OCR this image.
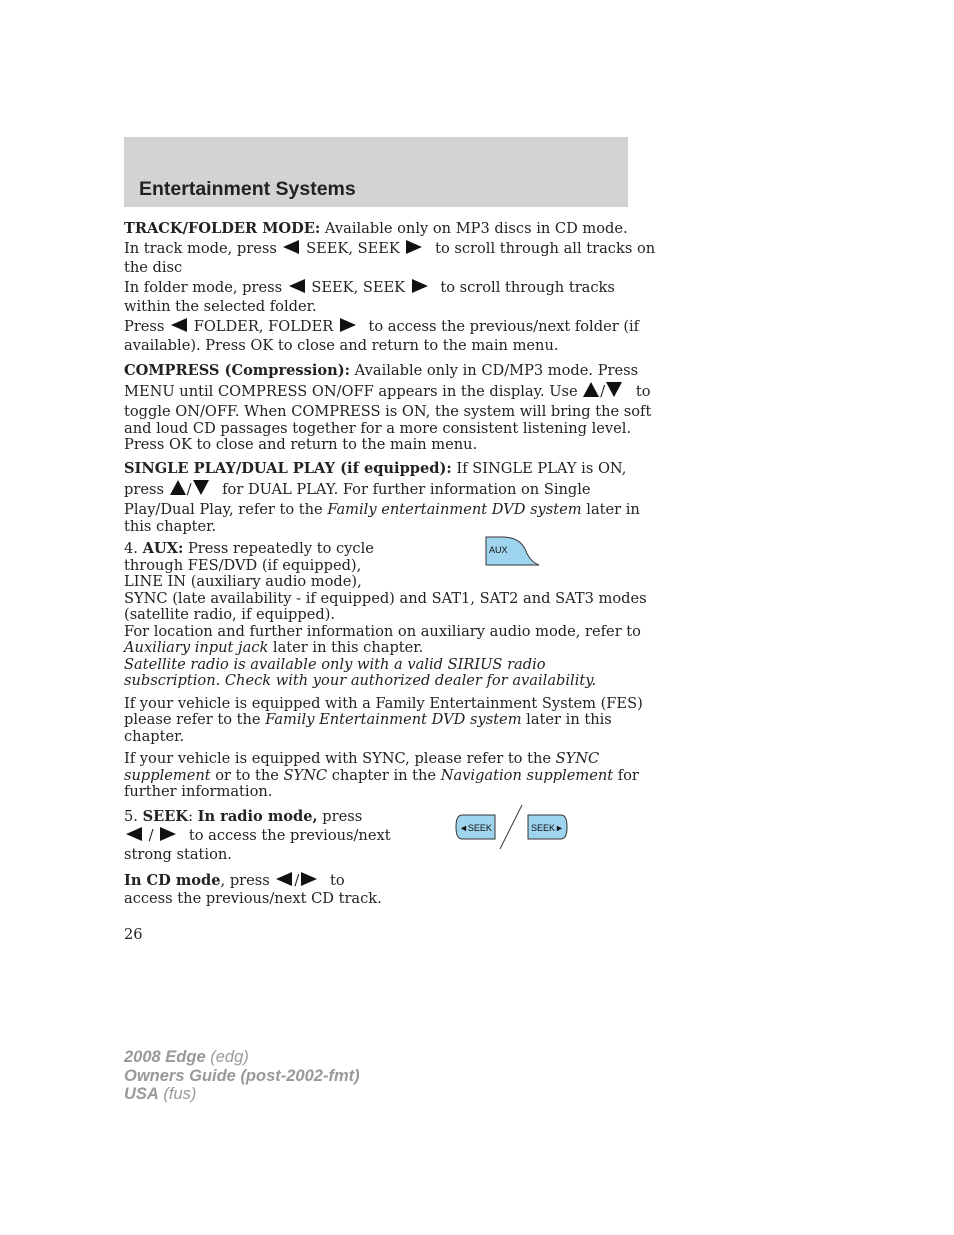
Entertainment Systems
TRACK/FOLDER MODE: Available only on MP3 discs in CD mode.
In track mode, press SEEK, SEEK to scroll through all tracks on
the disc
In folder mode, press SEEK, SEEK to scroll through tracks
within the selected folder.
Press FOLDER, FOLDER to access the previous/next folder (if
available). Press OK to close and return to the main menu.
COMPRESS (Compression): Available only in CD/MP3 mode. Press
MENU until COMPRESS ON/OFF appears in the display. Use / to
toggle ON/OFF. When COMPRESS is ON, the system will bring the soft
and loud CD passages together for a more consistent listening level.
Press OK to close and return to the main menu.
SINGLE PLAY/DUAL PLAY (if equipped): If SINGLE PLAY is ON,
press / for DUAL PLAY. For further information on Single
Play/Dual Play, refer to the Family entertainment DVD system later in
this chapter.
4. AUX: Press repeatedly to cycle
through FES/DVD (if equipped),
LINE IN (auxiliary audio mode),
SYNC (late availability - if equipped) and SAT1, SAT2 and SAT3 modes
(satellite radio, if equipped).
For location and further information on auxiliary audio mode, refer to
Auxiliary input jack later in this chapter.
Satellite radio is available only with a valid SIRIUS radio
subscription. Check with your authorized dealer for availability.
If your vehicle is equipped with a Family Entertainment System (FES)
please refer to the Family Entertainment DVD system later in this
chapter.
If your vehicle is equipped with SYNC, please refer to the SYNC
supplement or to the SYNC chapter in the Navigation supplement for
further information.
5. SEEK: In radio mode, press
/ to access the previous/next
strong station.
In CD mode, press / to
access the previous/next CD track.
AUX
◄SEEK	SEEK►
26
2008 Edge (edg)
Owners Guide (post-2002-fmt)
USA (fus)
